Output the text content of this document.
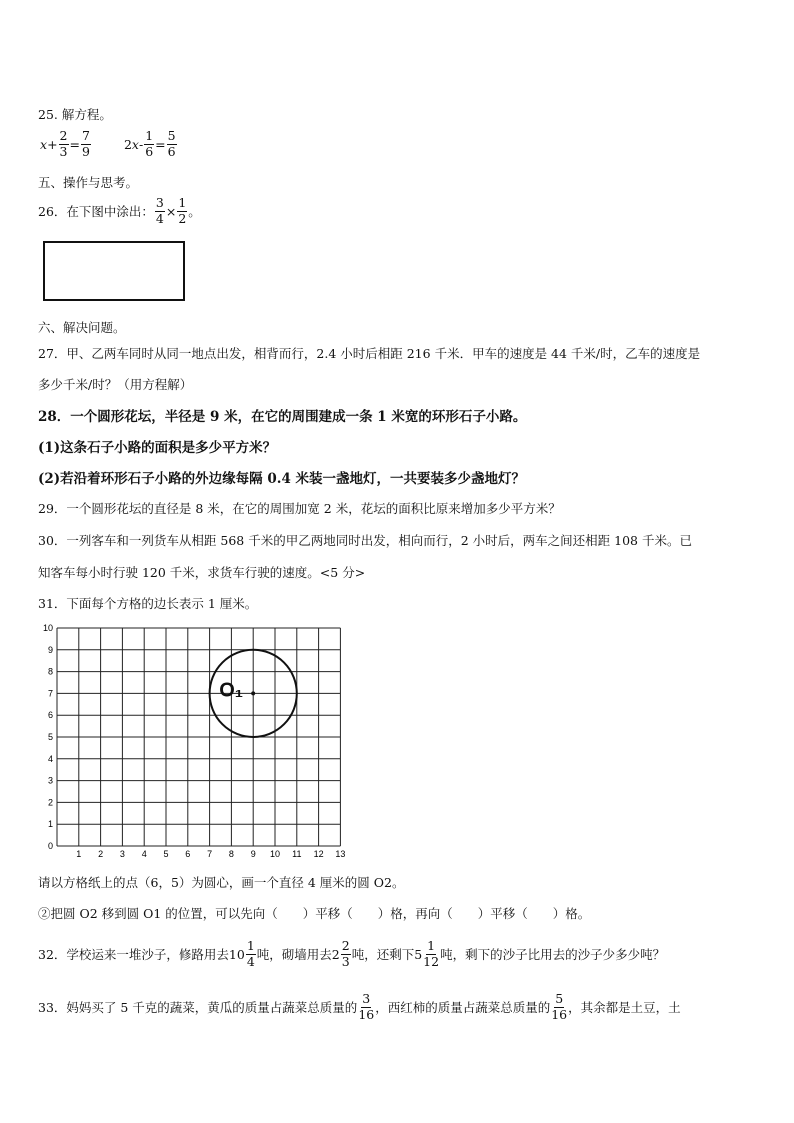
25. 解方程。
$x + \frac{2}{3} = \frac{7}{9}$	2 $x - \frac{1}{6} = \frac{5}{6}$
五、操作与思考。
26．在下图中涂出： $\frac{3}{4} \times \frac{1}{2}$ 。
六、解决问题。
27．甲、乙两车同时从同一地点出发，相背而行，2.4 小时后相距 216 千米．甲车的速度是 44 千米/时，乙车的速度是
多少千米/时？（用方程解）
28．一个圆形花坛，半径是 9 米，在它的周围建成一条 1 米宽的环形石子小路。
(1)这条石子小路的面积是多少平方米？
(2)若沿着环形石子小路的外边缘每隔 0.4 米装一盏地灯，一共要装多少盏地灯？
29．一个圆形花坛的直径是 8 米，在它的周围加宽 2 米，花坛的面积比原来增加多少平方米？
30．一列客车和一列货车从相距 568 千米的甲乙两地同时出发，相向而行，2 小时后，两车之间还相距 108 千米。已
知客车每小时行驶 120 千米，求货车行驶的速度。<5 分>
31．下面每个方格的边长表示 1 厘米。
1 2 3 4 5 6 7 8 9 10 11 12 13
0
1
2
3
4
5
6
7
8
9
10
O₁
请以方格纸上的点（6，5）为圆心，画一个直径 4 厘米的圆 O2。
②把圆 O2 移到圆 O1 的位置，可以先向（　　）平移（　　）格，再向（　　）平移（　　）格。
32．学校运来一堆沙子，修路用去 $10 \frac{1}{4}$ 吨，砌墙用去 $2 \frac{2}{3}$ 吨，还剩下 $5 \frac{1}{12}$ 吨，剩下的沙子比用去的沙子少多少吨？
33．妈妈买了 5 千克的蔬菜，黄瓜的质量占蔬菜总质量的 $\frac{3}{16}$ ，西红柿的质量占蔬菜总质量的 $\frac{5}{16}$ ，其余都是土豆，土
